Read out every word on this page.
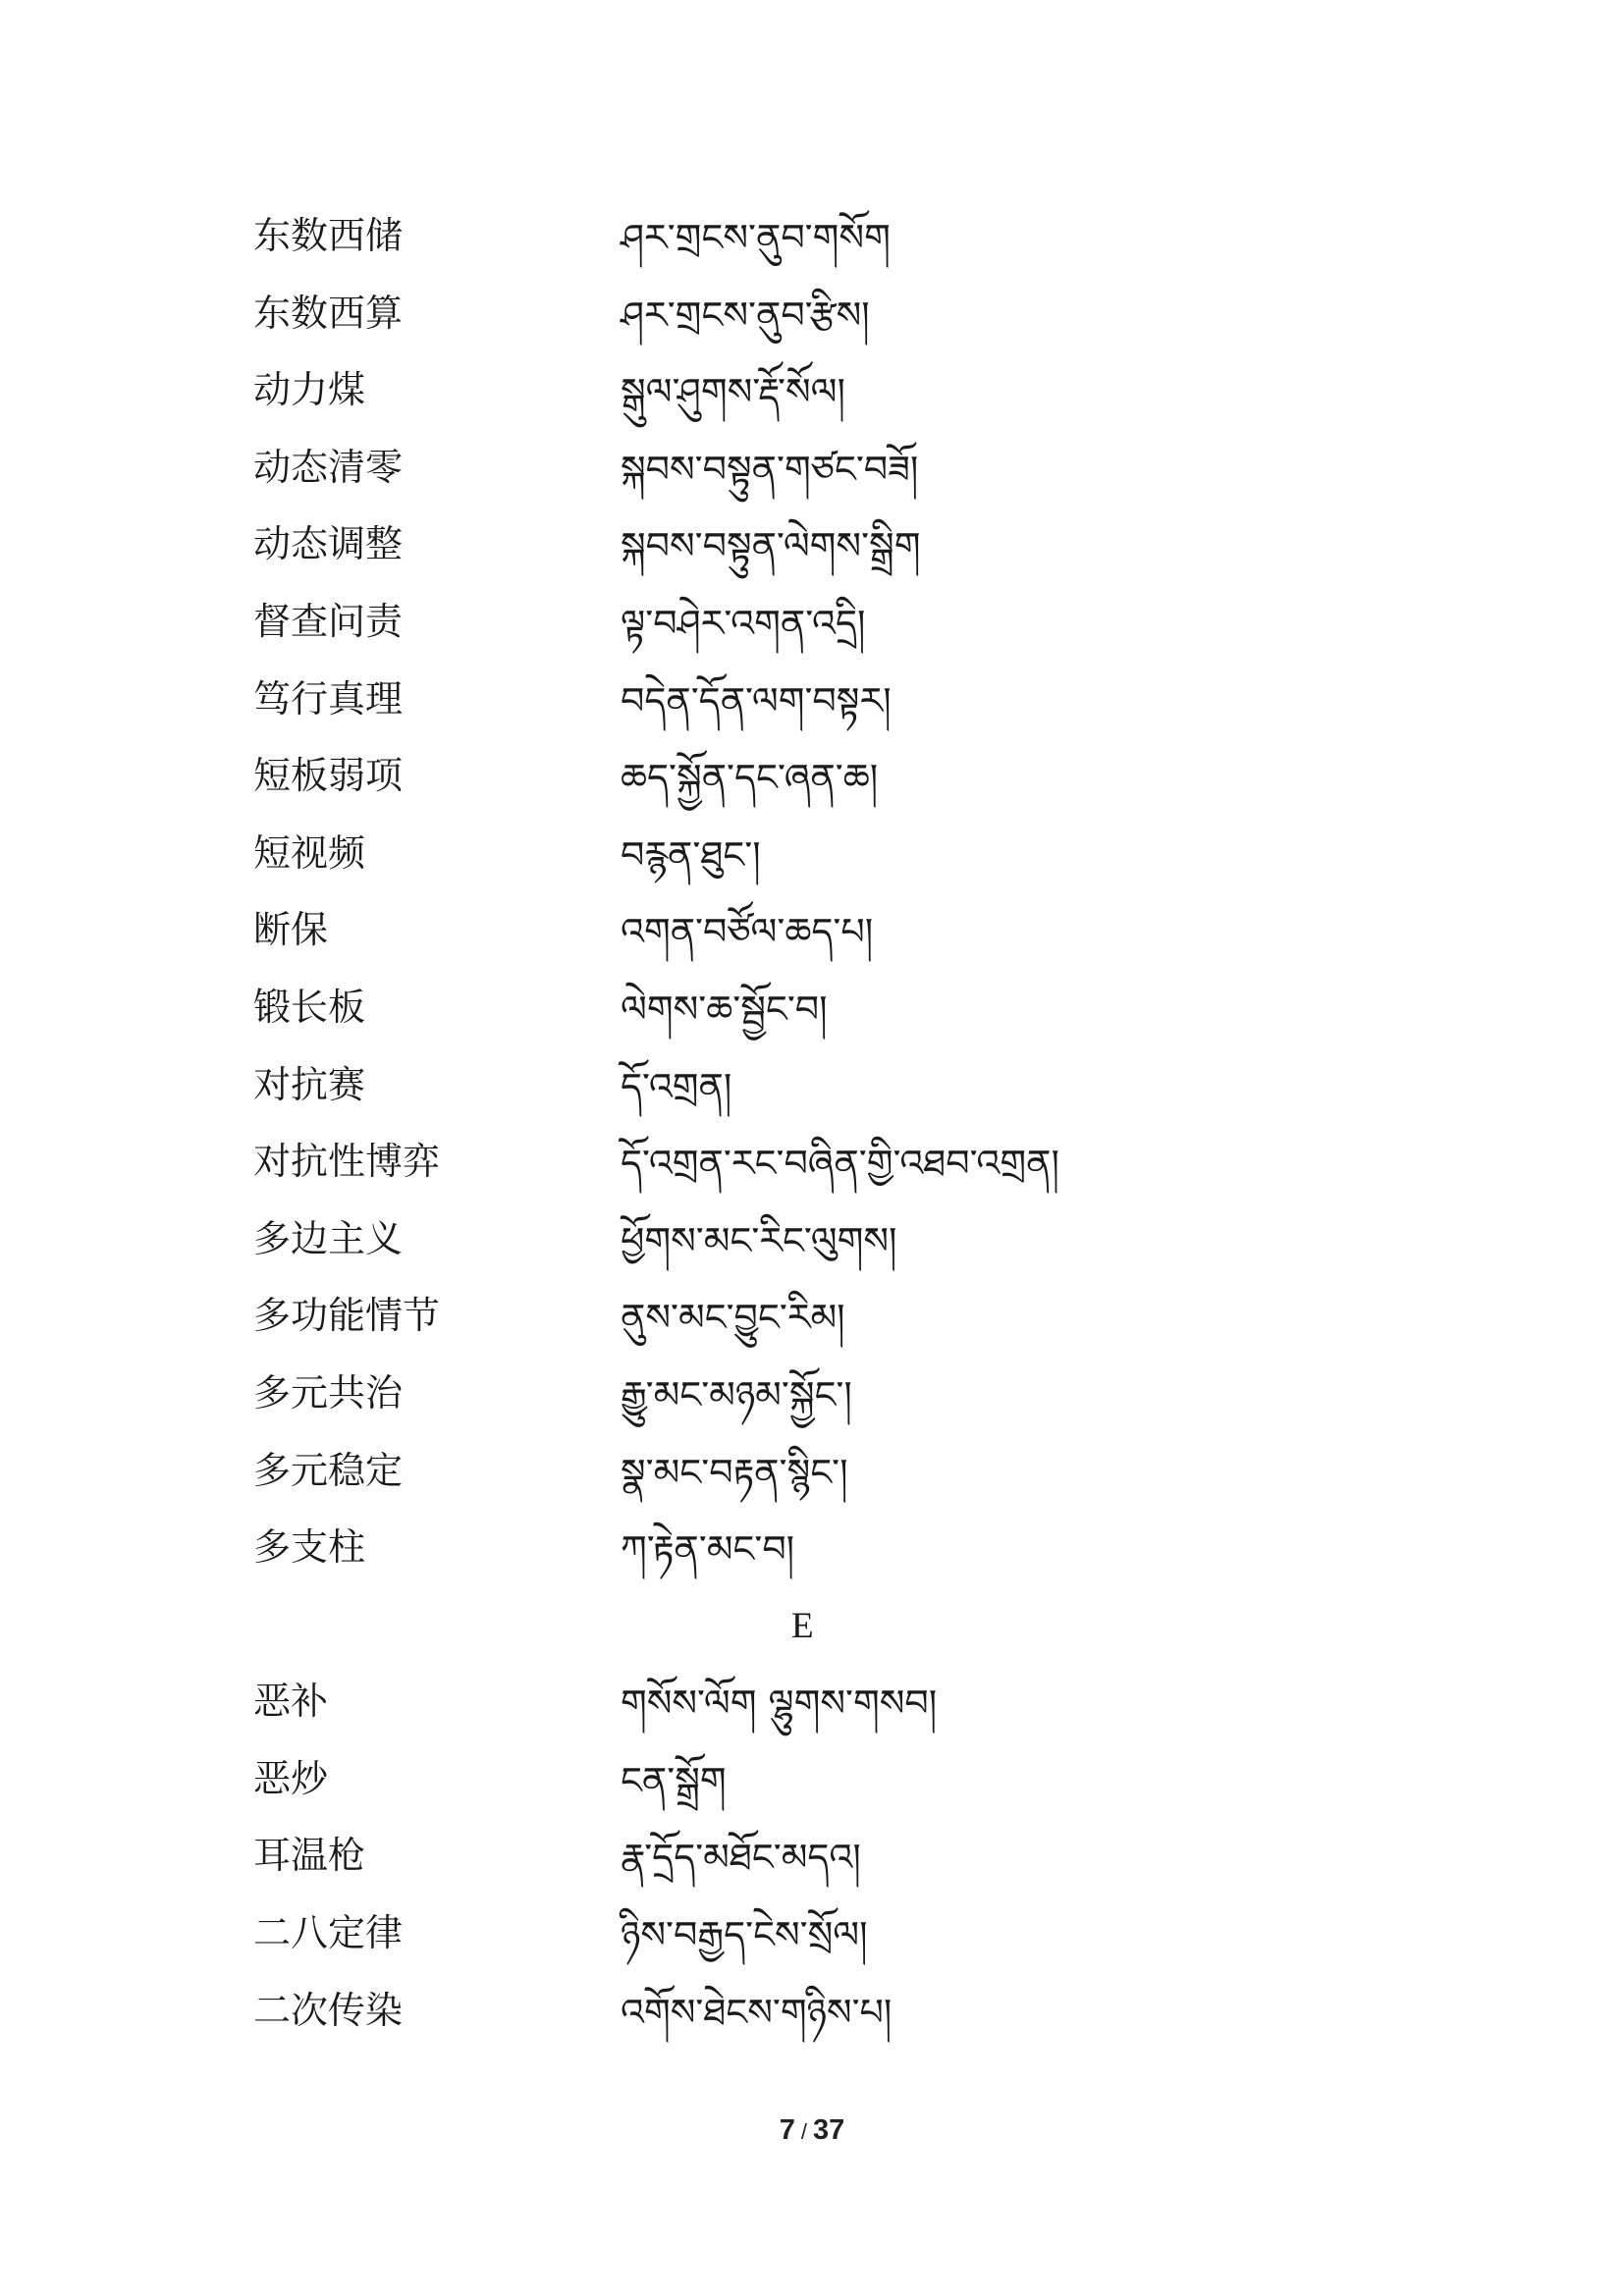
东数西储	ཤར་གྲངས་ནུབ་གསོག
东数西算	ཤར་གྲངས་ནུབ་རྩིས།
动力煤	སྒུལ་ཤུགས་རྡོ་སོལ།
动态清零	སྐབས་བསྟུན་གཙང་བཟོ།
动态调整	སྐབས་བསྟུན་ལེགས་སྒྲིག
督查问责	ལྟ་བཤེར་འགན་འདྲི།
笃行真理	བདེན་དོན་ལག་བསྟར།
短板弱项	ཆད་སྐྱོན་དང་ཞན་ཆ།
短视频	བརྙན་ཐུང་།
断保	འགན་བཙོལ་ཆད་པ།
锻长板	ལེགས་ཆ་སྦྱོང་བ།
对抗赛	དོ་འགྲན།
对抗性博弈	དོ་འགྲན་རང་བཞིན་གྱི་འཐབ་འགྲན།
多边主义	ཕྱོགས་མང་རིང་ལུགས།
多功能情节	ནུས་མང་བྱུང་རིམ།
多元共治	རྒྱུ་མང་མཉམ་སྐྱོང་།
多元稳定	སྣ་མང་བརྟན་སྙིང་།
多支柱	ཀ་རྟེན་མང་བ།
E
恶补	གསོས་ལོག ལྷུགས་གསབ།
恶炒	ངན་སྒྲོག
耳温枪	རྣ་དྲོད་མཐོང་མདའ།
二八定律	ཉིས་བརྒྱད་ངེས་སྲོལ།
二次传染	འགོས་ཐེངས་གཉིས་པ།
7 / 37
